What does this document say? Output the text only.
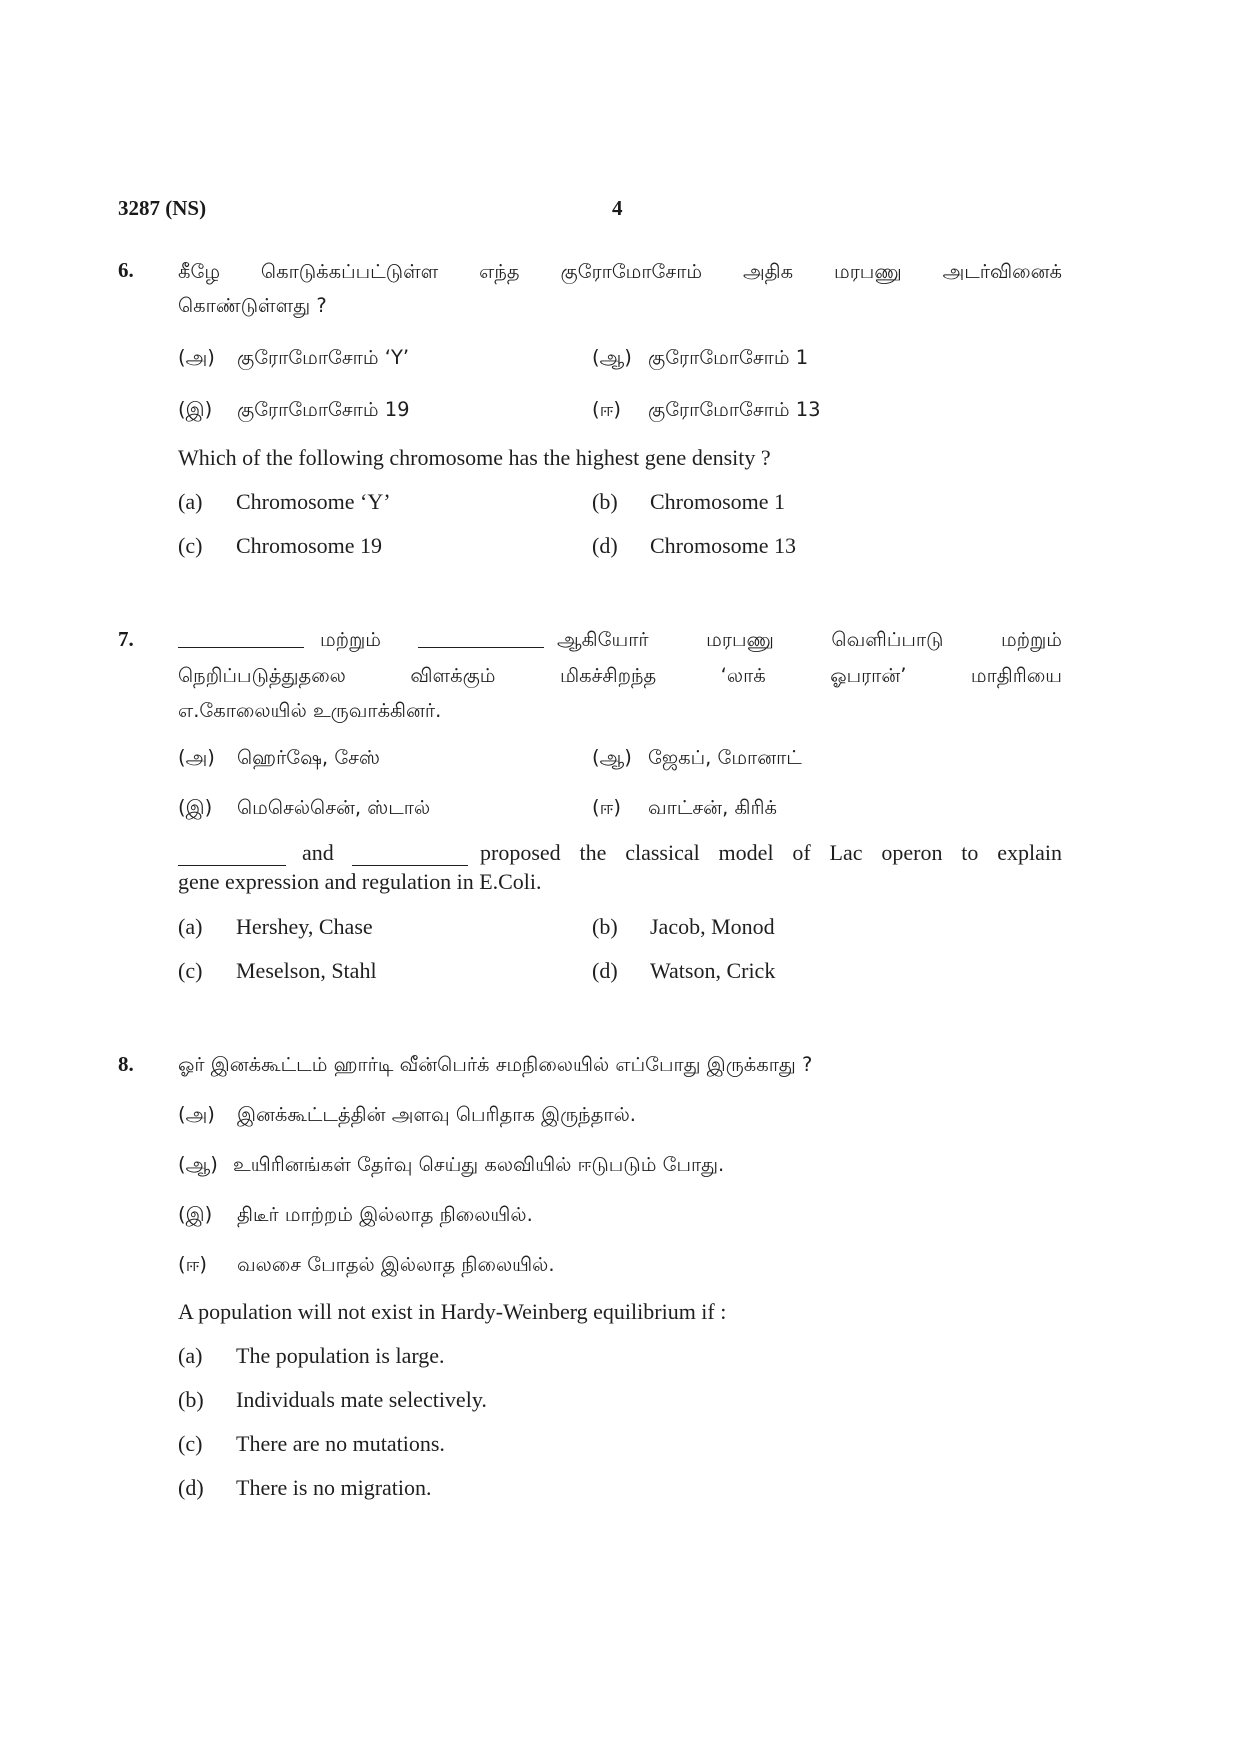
3287 (NS)	4
6. கீழே கொடுக்கப்பட்டுள்ள எந்த குரோமோசோம் அதிக மரபணு அடர்வினைக்
கொண்டுள்ளது ?
(அ) குரோமோசோம் ‘Y’	(ஆ) குரோமோசோம் 1
(இ) குரோமோசோம் 19	(ஈ) குரோமோசோம் 13
Which of the following chromosome has the highest gene density ?
(a) Chromosome ‘Y’	(b) Chromosome 1
(c) Chromosome 19	(d) Chromosome 13
7.	மற்றும்	ஆகியோர் மரபணு வெளிப்பாடு மற்றும்
நெறிப்படுத்துதலை விளக்கும் மிகச்சிறந்த ‘லாக் ஓபரான்’ மாதிரியை
எ.கோலையில் உருவாக்கினர்.
(அ) ஹெர்ஷே, சேஸ்	(ஆ) ஜேகப், மோனாட்
(இ) மெசெல்சென், ஸ்டால்	(ஈ) வாட்சன், கிரிக்
and	proposed the classical model of Lac operon to explain
gene expression and regulation in E.Coli.
(a) Hershey, Chase	(b) Jacob, Monod
(c) Meselson, Stahl	(d) Watson, Crick
8. ஓர் இனக்கூட்டம் ஹார்டி வீன்பெர்க் சமநிலையில் எப்போது இருக்காது ?
(அ) இனக்கூட்டத்தின் அளவு பெரிதாக இருந்தால்.
(ஆ) உயிரினங்கள் தேர்வு செய்து கலவியில் ஈடுபடும் போது.
(இ) திடீர் மாற்றம் இல்லாத நிலையில்.
(ஈ) வலசை போதல் இல்லாத நிலையில்.
A population will not exist in Hardy-Weinberg equilibrium if :
(a) The population is large.
(b) Individuals mate selectively.
(c) There are no mutations.
(d) There is no migration.
